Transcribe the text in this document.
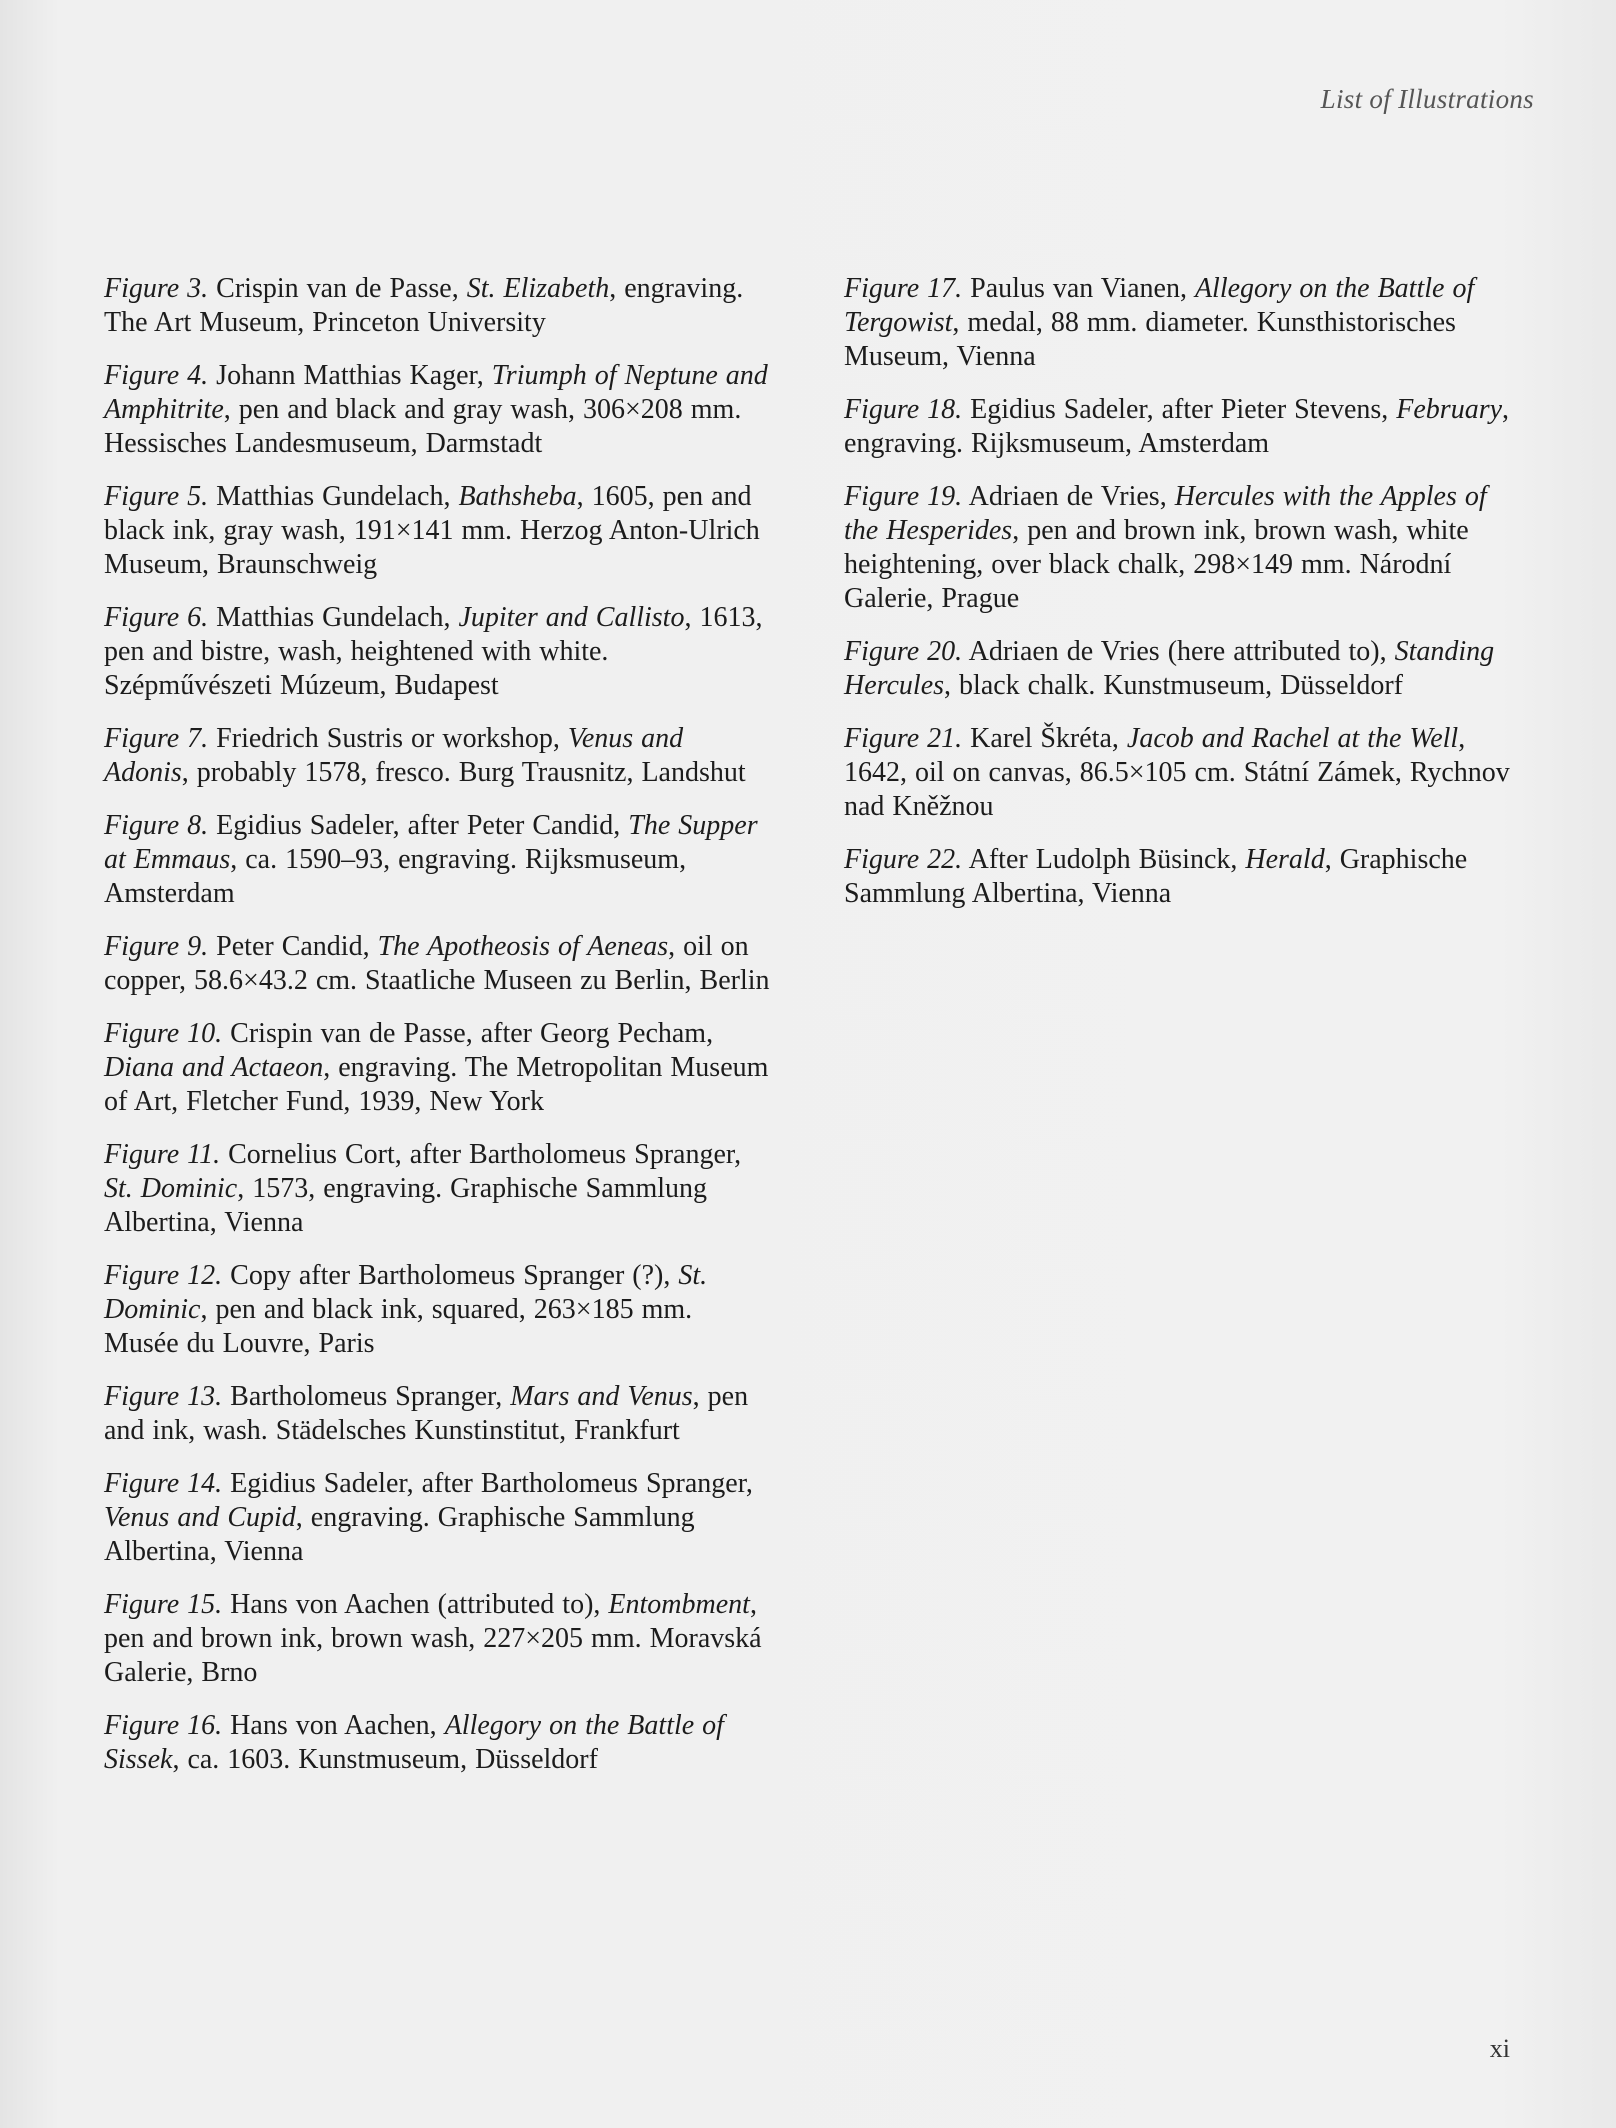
List of Illustrations

Figure 3. Crispin van de Passe, St. Elizabeth, engraving. The Art Museum, Princeton University

Figure 4. Johann Matthias Kager, Triumph of Neptune and Amphitrite, pen and black and gray wash, 306×208 mm. Hessisches Landesmuseum, Darmstadt

Figure 5. Matthias Gundelach, Bathsheba, 1605, pen and black ink, gray wash, 191×141 mm. Herzog Anton-Ulrich Museum, Braunschweig

Figure 6. Matthias Gundelach, Jupiter and Callisto, 1613, pen and bistre, wash, heightened with white. Szépművészeti Múzeum, Budapest

Figure 7. Friedrich Sustris or workshop, Venus and Adonis, probably 1578, fresco. Burg Trausnitz, Landshut

Figure 8. Egidius Sadeler, after Peter Candid, The Supper at Emmaus, ca. 1590–93, engraving. Rijksmuseum, Amsterdam

Figure 9. Peter Candid, The Apotheosis of Aeneas, oil on copper, 58.6×43.2 cm. Staatliche Museen zu Berlin, Berlin

Figure 10. Crispin van de Passe, after Georg Pecham, Diana and Actaeon, engraving. The Metropolitan Museum of Art, Fletcher Fund, 1939, New York

Figure 11. Cornelius Cort, after Bartholomeus Spranger, St. Dominic, 1573, engraving. Graphische Sammlung Albertina, Vienna

Figure 12. Copy after Bartholomeus Spranger (?), St. Dominic, pen and black ink, squared, 263×185 mm. Musée du Louvre, Paris

Figure 13. Bartholomeus Spranger, Mars and Venus, pen and ink, wash. Städelsches Kunstinstitut, Frankfurt

Figure 14. Egidius Sadeler, after Bartholomeus Spranger, Venus and Cupid, engraving. Graphische Sammlung Albertina, Vienna

Figure 15. Hans von Aachen (attributed to), Entombment, pen and brown ink, brown wash, 227×205 mm. Moravská Galerie, Brno

Figure 16. Hans von Aachen, Allegory on the Battle of Sissek, ca. 1603. Kunstmuseum, Düsseldorf

Figure 17. Paulus van Vianen, Allegory on the Battle of Tergowist, medal, 88 mm. diameter. Kunsthistorisches Museum, Vienna

Figure 18. Egidius Sadeler, after Pieter Stevens, February, engraving. Rijksmuseum, Amsterdam

Figure 19. Adriaen de Vries, Hercules with the Apples of the Hesperides, pen and brown ink, brown wash, white heightening, over black chalk, 298×149 mm. Národní Galerie, Prague

Figure 20. Adriaen de Vries (here attributed to), Standing Hercules, black chalk. Kunstmuseum, Düsseldorf

Figure 21. Karel Škréta, Jacob and Rachel at the Well, 1642, oil on canvas, 86.5×105 cm. Státní Zámek, Rychnov nad Kněžnou

Figure 22. After Ludolph Büsinck, Herald, Graphische Sammlung Albertina, Vienna

xi
